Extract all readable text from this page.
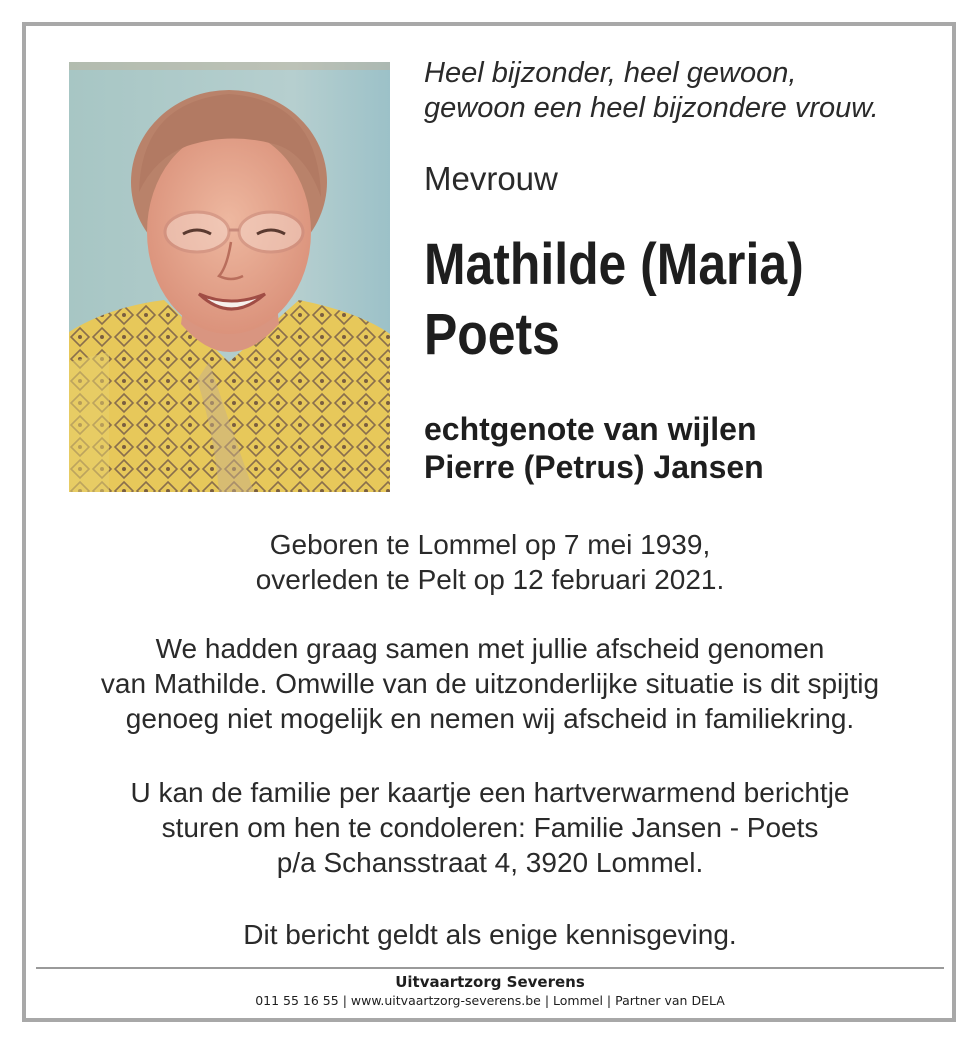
Heel bijzonder, heel gewoon,
gewoon een heel bijzondere vrouw.
Mevrouw
Mathilde (Maria)
Poets
echtgenote van wijlen
Pierre (Petrus) Jansen
Geboren te Lommel op 7 mei 1939,
overleden te Pelt op 12 februari 2021.
We hadden graag samen met jullie afscheid genomen
van Mathilde. Omwille van de uitzonderlijke situatie is dit spijtig
genoeg niet mogelijk en nemen wij afscheid in familiekring.
U kan de familie per kaartje een hartverwarmend berichtje
sturen om hen te condoleren: Familie Jansen - Poets
p/a Schansstraat 4, 3920 Lommel.
Dit bericht geldt als enige kennisgeving.
Uitvaartzorg Severens
011 55 16 55 | www.uitvaartzorg-severens.be | Lommel | Partner van DELA
